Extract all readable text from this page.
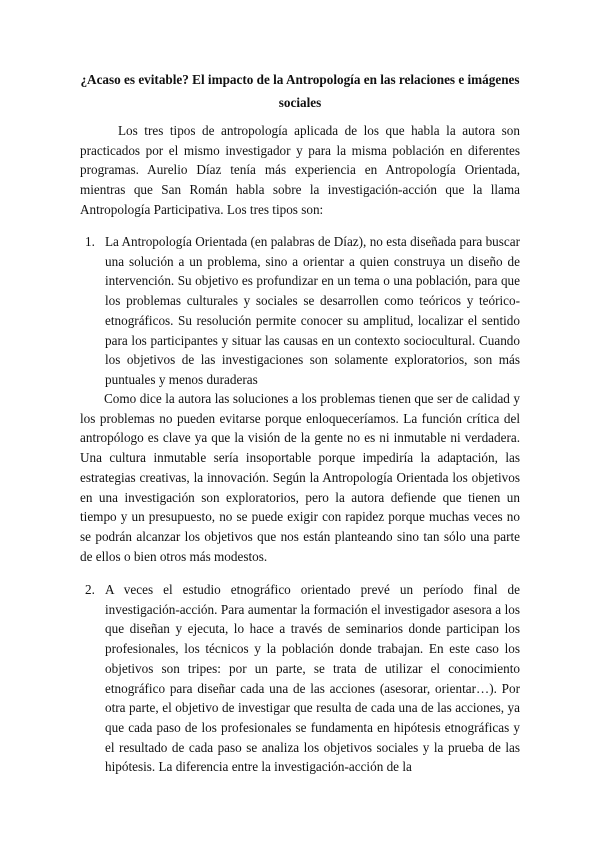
¿Acaso es evitable? El impacto de la Antropología en las relaciones e imágenes sociales

Los tres tipos de antropología aplicada de los que habla la autora son practicados por el mismo investigador y para la misma población en diferentes programas. Aurelio Díaz tenía más experiencia en Antropología Orientada, mientras que San Román habla sobre la investigación-acción que la llama Antropología Participativa. Los tres tipos son:

1. La Antropología Orientada (en palabras de Díaz), no esta diseñada para buscar una solución a un problema, sino a orientar a quien construya un diseño de intervención. Su objetivo es profundizar en un tema o una población, para que los problemas culturales y sociales se desarrollen como teóricos y teórico-etnográficos. Su resolución permite conocer su amplitud, localizar el sentido para los participantes y situar las causas en un contexto sociocultural. Cuando los objetivos de las investigaciones son solamente exploratorios, son más puntuales y menos duraderas

Como dice la autora las soluciones a los problemas tienen que ser de calidad y los problemas no pueden evitarse porque enloqueceríamos. La función crítica del antropólogo es clave ya que la visión de la gente no es ni inmutable ni verdadera. Una cultura inmutable sería insoportable porque impediría la adaptación, las estrategias creativas, la innovación. Según la Antropología Orientada los objetivos en una investigación son exploratorios, pero la autora defiende que tienen un tiempo y un presupuesto, no se puede exigir con rapidez porque muchas veces no se podrán alcanzar los objetivos que nos están planteando sino tan sólo una parte de ellos o bien otros más modestos.

2. A veces el estudio etnográfico orientado prevé un período final de investigación-acción. Para aumentar la formación el investigador asesora a los que diseñan y ejecuta, lo hace a través de seminarios donde participan los profesionales, los técnicos y la población donde trabajan. En este caso los objetivos son tripes: por un parte, se trata de utilizar el conocimiento etnográfico para diseñar cada una de las acciones (asesorar, orientar…). Por otra parte, el objetivo de investigar que resulta de cada una de las acciones, ya que cada paso de los profesionales se fundamenta en hipótesis etnográficas y el resultado de cada paso se analiza los objetivos sociales y la prueba de las hipótesis. La diferencia entre la investigación-acción de la
